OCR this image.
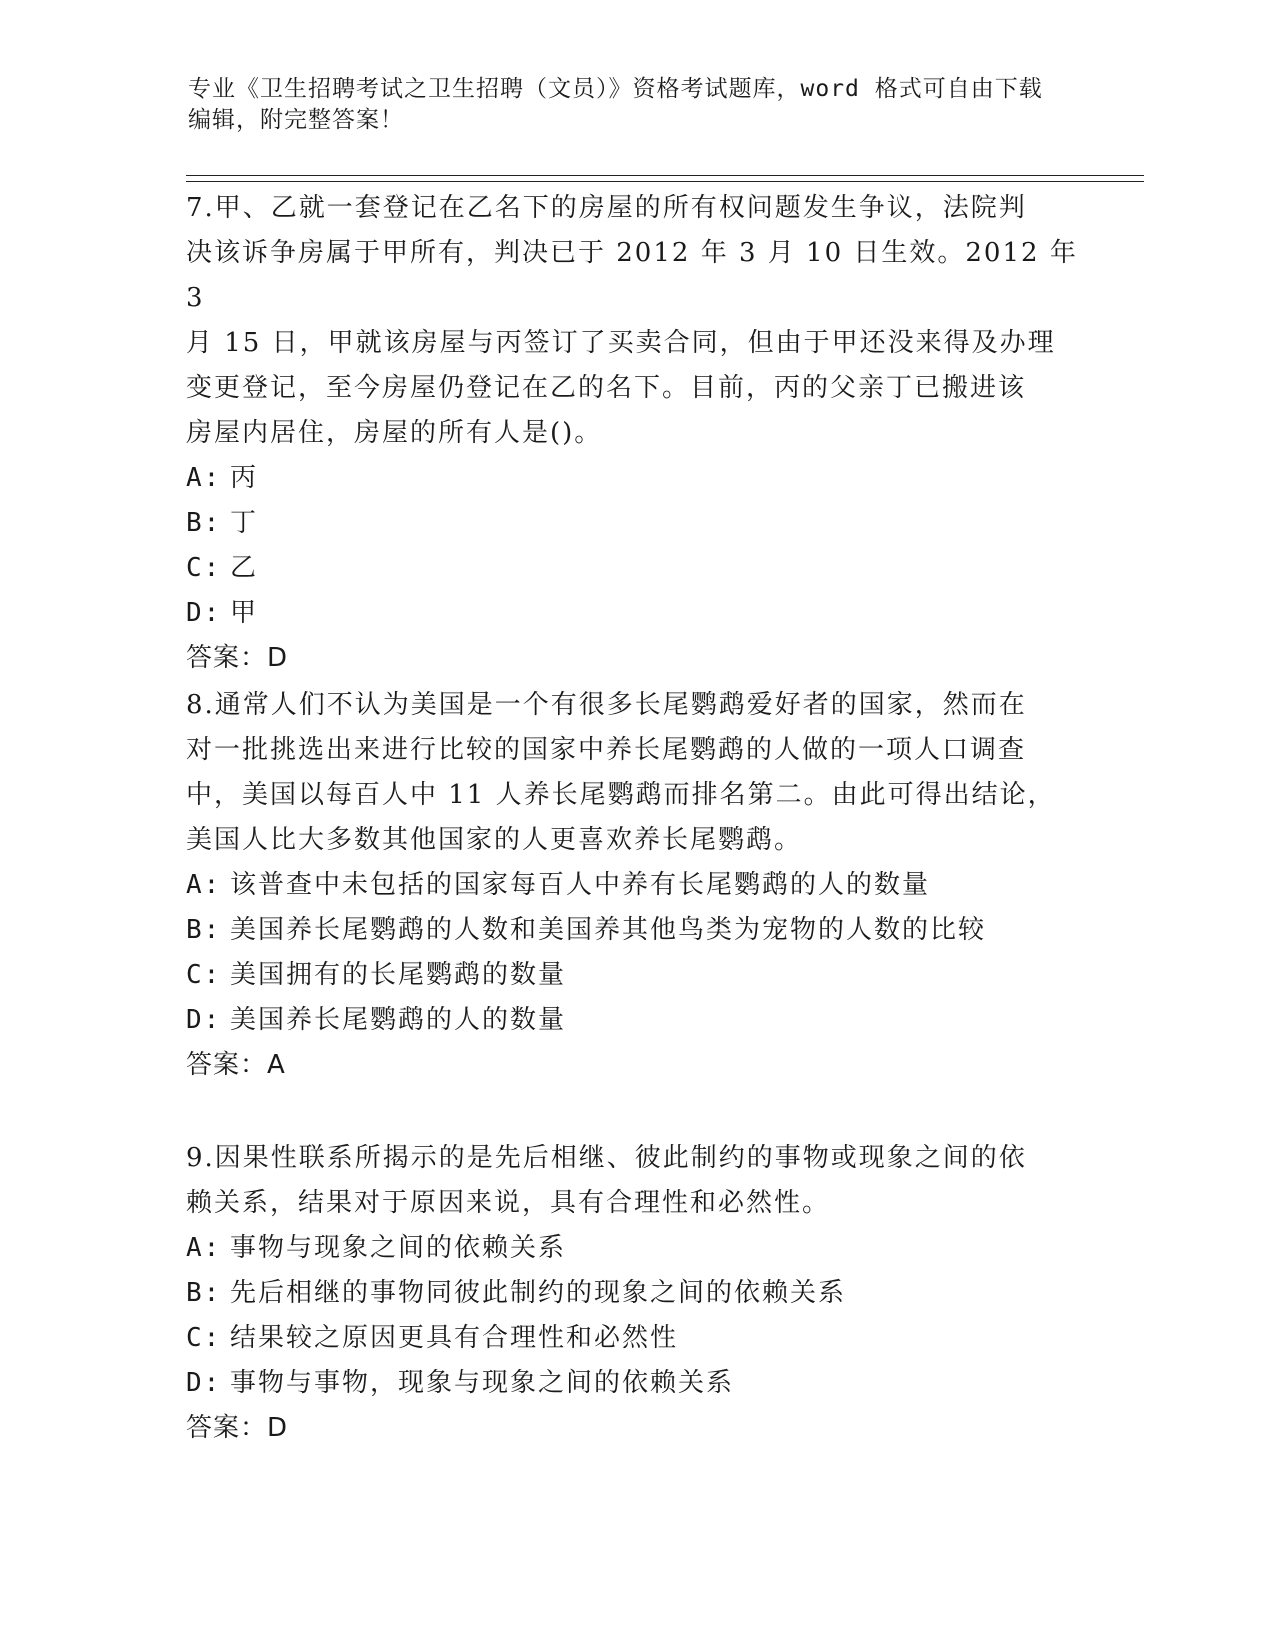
专业《卫生招聘考试之卫生招聘（文员）》资格考试题库，word 格式可自由下载
编辑，附完整答案！
7.甲、乙就一套登记在乙名下的房屋的所有权问题发生争议，法院判
决该诉争房属于甲所有，判决已于 2012 年 3 月 10 日生效。2012 年 3
月 15 日，甲就该房屋与丙签订了买卖合同，但由于甲还没来得及办理
变更登记，至今房屋仍登记在乙的名下。目前，丙的父亲丁已搬进该
房屋内居住，房屋的所有人是()。
A: 丙
B: 丁
C: 乙
D: 甲
答案：D
8.通常人们不认为美国是一个有很多长尾鹦鹉爱好者的国家，然而在
对一批挑选出来进行比较的国家中养长尾鹦鹉的人做的一项人口调查
中，美国以每百人中 11 人养长尾鹦鹉而排名第二。由此可得出结论，
美国人比大多数其他国家的人更喜欢养长尾鹦鹉。
A: 该普查中未包括的国家每百人中养有长尾鹦鹉的人的数量
B: 美国养长尾鹦鹉的人数和美国养其他鸟类为宠物的人数的比较
C: 美国拥有的长尾鹦鹉的数量
D: 美国养长尾鹦鹉的人的数量
答案：A
9.因果性联系所揭示的是先后相继、彼此制约的事物或现象之间的依
赖关系，结果对于原因来说，具有合理性和必然性。
A: 事物与现象之间的依赖关系
B: 先后相继的事物同彼此制约的现象之间的依赖关系
C: 结果较之原因更具有合理性和必然性
D: 事物与事物，现象与现象之间的依赖关系
答案：D
